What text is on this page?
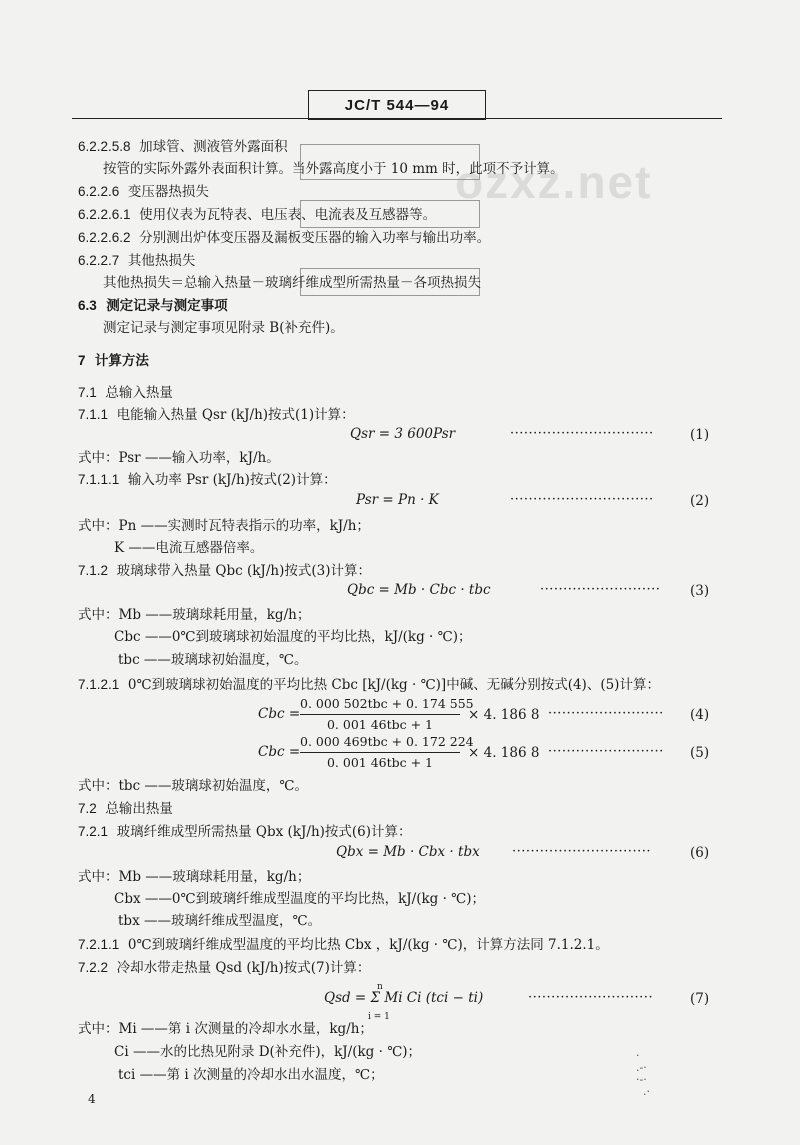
JC/T 544—94
ozxz.net
6.2.2.5.8 加球管、测液管外露面积
按管的实际外露外表面积计算。当外露高度小于 10 mm 时，此项不予计算。
6.2.2.6 变压器热损失
6.2.2.6.1 使用仪表为瓦特表、电压表、电流表及互感器等。
6.2.2.6.2 分别测出炉体变压器及漏板变压器的输入功率与输出功率。
6.2.2.7 其他热损失
其他热损失＝总输入热量－玻璃纤维成型所需热量－各项热损失
6.3 测定记录与测定事项
测定记录与测定事项见附录 B(补充件)。
7 计算方法
7.1 总输入热量
7.1.1 电能输入热量 Qsr (kJ/h)按式(1)计算：
Qsr = 3 600Psr	·······························	(1)
式中：Psr ——输入功率，kJ/h。
7.1.1.1 输入功率 Psr (kJ/h)按式(2)计算：
Psr = Pn · K	·······························	(2)
式中：Pn ——实测时瓦特表指示的功率，kJ/h；
K ——电流互感器倍率。
7.1.2 玻璃球带入热量 Qbc (kJ/h)按式(3)计算：
Qbc = Mb · Cbc · tbc	·························· (3)
式中：Mb ——玻璃球耗用量，kg/h；
Cbc ——0℃到玻璃球初始温度的平均比热，kJ/(kg · ℃)；
tbc ——玻璃球初始温度，℃。
7.1.2.1 0℃到玻璃球初始温度的平均比热 Cbc [kJ/(kg · ℃)]中碱、无碱分别按式(4)、(5)计算：
Cbc =
0. 000 502tbc + 0. 174 555
0. 001 46tbc + 1
× 4. 186 8 ························· (4)
Cbc =
0. 000 469tbc + 0. 172 224
0. 001 46tbc + 1
× 4. 186 8 ························· (5)
式中：tbc ——玻璃球初始温度，℃。
7.2 总输出热量
7.2.1 玻璃纤维成型所需热量 Qbx (kJ/h)按式(6)计算：
Qbx = Mb · Cbx · tbx ······························	(6)
式中：Mb ——玻璃球耗用量，kg/h；
Cbx ——0℃到玻璃纤维成型温度的平均比热，kJ/(kg · ℃)；
tbx ——玻璃纤维成型温度，℃。
7.2.1.1 0℃到玻璃纤维成型温度的平均比热 Cbx ，kJ/(kg · ℃)，计算方法同 7.1.2.1。
7.2.2 冷却水带走热量 Qsd (kJ/h)按式(7)计算：
n
Qsd = Σ Mi Ci (tci − ti)
i = 1
···························	(7)
式中：Mi ——第 i 次测量的冷却水水量，kg/h；
Ci ——水的比热见附录 D(补充件)，kJ/(kg · ℃)；
tci ——第 i 次测量的冷却水出水温度，℃；
·
.-·
·-·
.·
4
